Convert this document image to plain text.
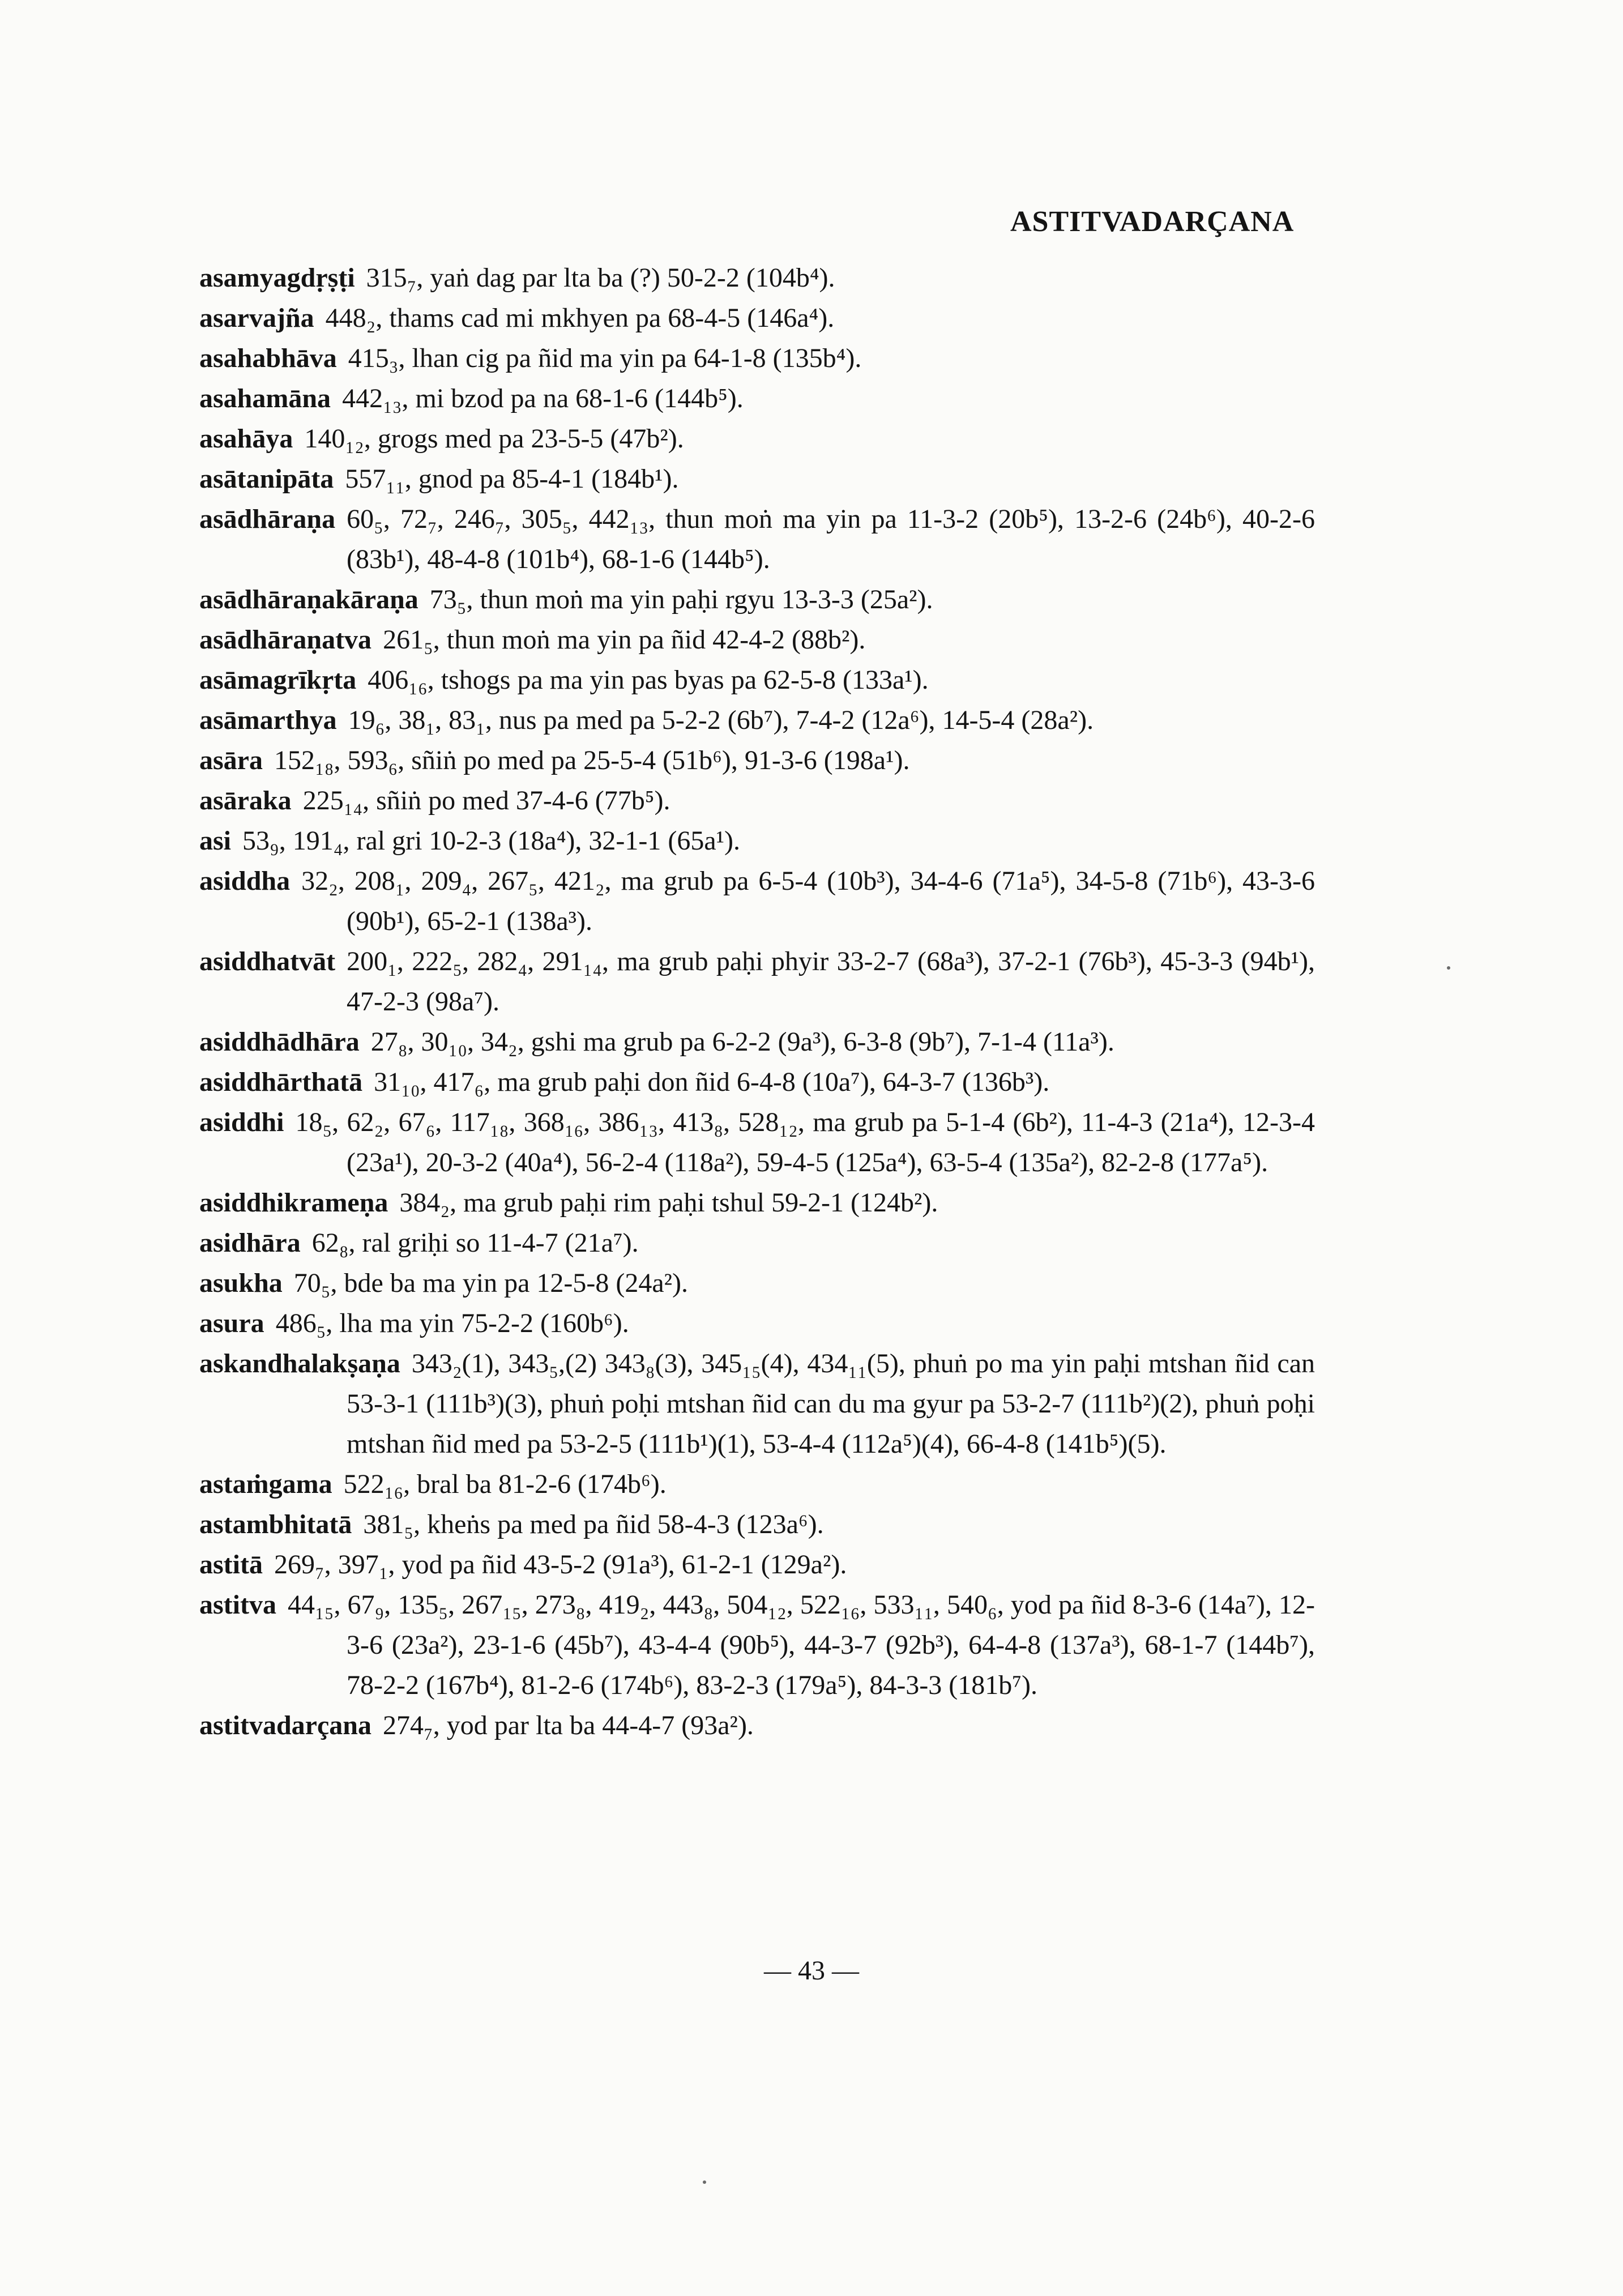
ASTITVADARÇANA
asamyagdṛṣṭi 315₇, yaṅ dag par lta ba (?) 50-2-2 (104b⁴).
asarvajña 448₂, thams cad mi mkhyen pa 68-4-5 (146a⁴).
asahabhāva 415₃, lhan cig pa ñid ma yin pa 64-1-8 (135b⁴).
asahamāna 442₁₃, mi bzod pa na 68-1-6 (144b⁵).
asahāya 140₁₂, grogs med pa 23-5-5 (47b²).
asātanipāta 557₁₁, gnod pa 85-4-1 (184b¹).
asādhāraṇa 60₅, 72₇, 246₇, 305₅, 442₁₃, thun moṅ ma yin pa 11-3-2 (20b⁵), 13-2-6 (24b⁶), 40-2-6 (83b¹), 48-4-8 (101b⁴), 68-1-6 (144b⁵).
asādhāraṇakāraṇa 73₅, thun moṅ ma yin paḥi rgyu 13-3-3 (25a²).
asādhāraṇatva 261₅, thun moṅ ma yin pa ñid 42-4-2 (88b²).
asāmagrīkṛta 406₁₆, tshogs pa ma yin pas byas pa 62-5-8 (133a¹).
asāmarthya 19₆, 38₁, 83₁, nus pa med pa 5-2-2 (6b⁷), 7-4-2 (12a⁶), 14-5-4 (28a²).
asāra 152₁₈, 593₆, sñiṅ po med pa 25-5-4 (51b⁶), 91-3-6 (198a¹).
asāraka 225₁₄, sñiṅ po med 37-4-6 (77b⁵).
asi 53₉, 191₄, ral gri 10-2-3 (18a⁴), 32-1-1 (65a¹).
asiddha 32₂, 208₁, 209₄, 267₅, 421₂, ma grub pa 6-5-4 (10b³), 34-4-6 (71a⁵), 34-5-8 (71b⁶), 43-3-6 (90b¹), 65-2-1 (138a³).
asiddhatvāt 200₁, 222₅, 282₄, 291₁₄, ma grub paḥi phyir 33-2-7 (68a³), 37-2-1 (76b³), 45-3-3 (94b¹), 47-2-3 (98a⁷).
asiddhādhāra 27₈, 30₁₀, 34₂, gshi ma grub pa 6-2-2 (9a³), 6-3-8 (9b⁷), 7-1-4 (11a³).
asiddhārthatā 31₁₀, 417₆, ma grub paḥi don ñid 6-4-8 (10a⁷), 64-3-7 (136b³).
asiddhi 18₅, 62₂, 67₆, 117₁₈, 368₁₆, 386₁₃, 413₈, 528₁₂, ma grub pa 5-1-4 (6b²), 11-4-3 (21a⁴), 12-3-4 (23a¹), 20-3-2 (40a⁴), 56-2-4 (118a²), 59-4-5 (125a⁴), 63-5-4 (135a²), 82-2-8 (177a⁵).
asiddhikrameṇa 384₂, ma grub paḥi rim paḥi tshul 59-2-1 (124b²).
asidhāra 62₈, ral griḥi so 11-4-7 (21a⁷).
asukha 70₅, bde ba ma yin pa 12-5-8 (24a²).
asura 486₅, lha ma yin 75-2-2 (160b⁶).
askandhalakṣaṇa 343₂(1), 343₅,(2) 343₈(3), 345₁₅(4), 434₁₁(5), phuṅ po ma yin paḥi mtshan ñid can 53-3-1 (111b³)(3), phuṅ poḥi mtshan ñid can du ma gyur pa 53-2-7 (111b²)(2), phuṅ poḥi mtshan ñid med pa 53-2-5 (111b¹)(1), 53-4-4 (112a⁵)(4), 66-4-8 (141b⁵)(5).
astaṁgama 522₁₆, bral ba 81-2-6 (174b⁶).
astambhitatā 381₅, kheṅs pa med pa ñid 58-4-3 (123a⁶).
astitā 269₇, 397₁, yod pa ñid 43-5-2 (91a³), 61-2-1 (129a²).
astitva 44₁₅, 67₉, 135₅, 267₁₅, 273₈, 419₂, 443₈, 504₁₂, 522₁₆, 533₁₁, 540₆, yod pa ñid 8-3-6 (14a⁷), 12-3-6 (23a²), 23-1-6 (45b⁷), 43-4-4 (90b⁵), 44-3-7 (92b³), 64-4-8 (137a³), 68-1-7 (144b⁷), 78-2-2 (167b⁴), 81-2-6 (174b⁶), 83-2-3 (179a⁵), 84-3-3 (181b⁷).
astitvadarçana 274₇, yod par lta ba 44-4-7 (93a²).
— 43 —
